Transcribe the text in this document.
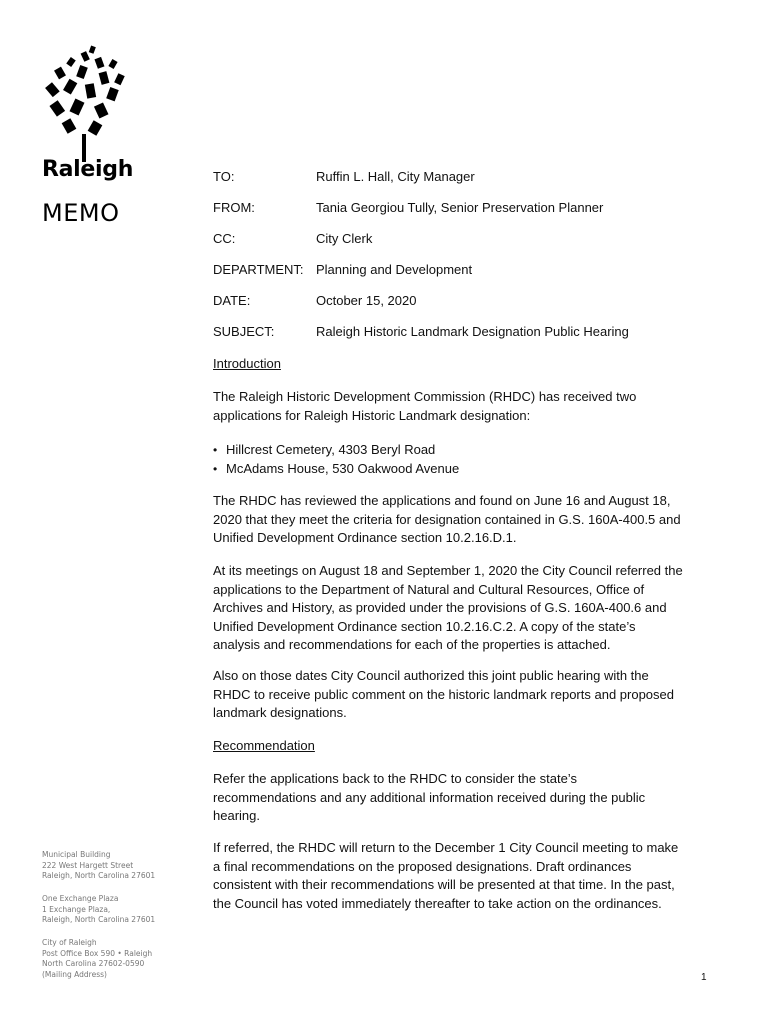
Raleigh
MEMO
TO:	Ruffin L. Hall, City Manager
FROM:	Tania Georgiou Tully, Senior Preservation Planner
CC:	City Clerk
DEPARTMENT: Planning and Development
DATE:	October 15, 2020
SUBJECT:	Raleigh Historic Landmark Designation Public Hearing
Introduction
The Raleigh Historic Development Commission (RHDC) has received two applications for Raleigh Historic Landmark designation:
• Hillcrest Cemetery, 4303 Beryl Road
• McAdams House, 530 Oakwood Avenue
The RHDC has reviewed the applications and found on June 16 and August 18, 2020 that they meet the criteria for designation contained in G.S. 160A-400.5 and Unified Development Ordinance section 10.2.16.D.1.
At its meetings on August 18 and September 1, 2020 the City Council referred the applications to the Department of Natural and Cultural Resources, Office of Archives and History, as provided under the provisions of G.S. 160A-400.6 and Unified Development Ordinance section 10.2.16.C.2. A copy of the state’s analysis and recommendations for each of the properties is attached.
Also on those dates City Council authorized this joint public hearing with the RHDC to receive public comment on the historic landmark reports and proposed landmark designations.
Recommendation
Refer the applications back to the RHDC to consider the state’s recommendations and any additional information received during the public hearing.
If referred, the RHDC will return to the December 1 City Council meeting to make a final recommendations on the proposed designations. Draft ordinances consistent with their recommendations will be presented at that time. In the past, the Council has voted immediately thereafter to take action on the ordinances.
Municipal Building
222 West Hargett Street
Raleigh, North Carolina 27601
One Exchange Plaza
1 Exchange Plaza,
Raleigh, North Carolina 27601
City of Raleigh
Post Office Box 590 • Raleigh
North Carolina 27602-0590
(Mailing Address)	1
